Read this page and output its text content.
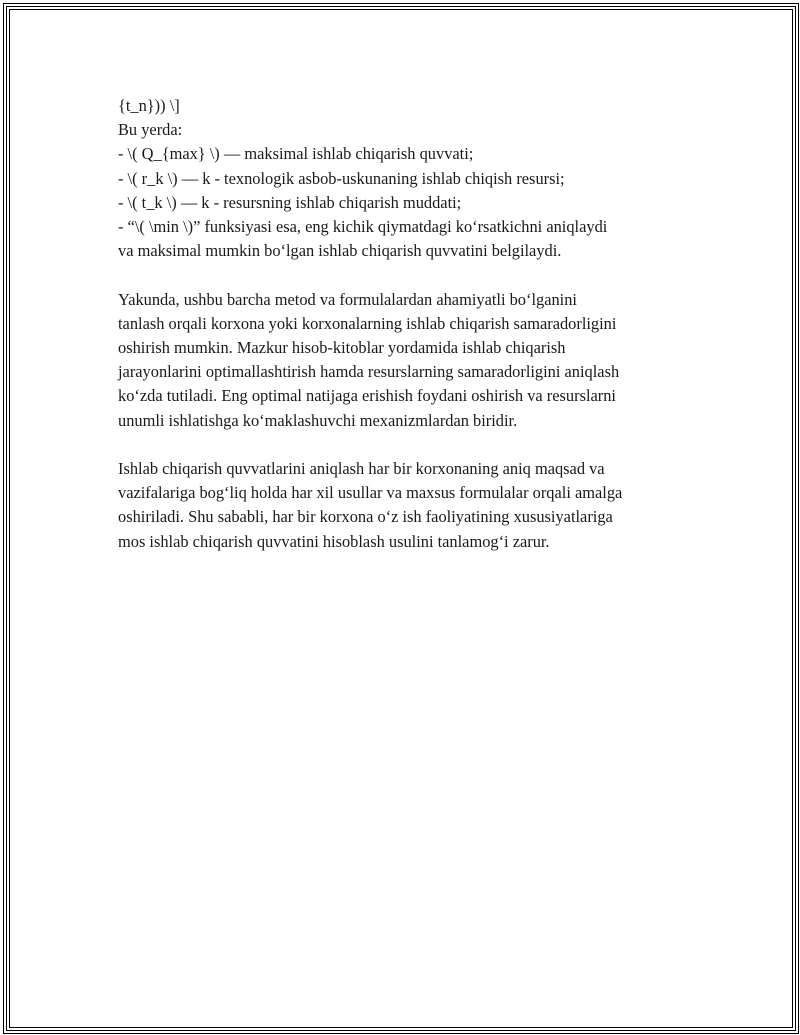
{t_n})) \]
Bu yerda:
- \( Q_{max} \) — maksimal ishlab chiqarish quvvati;
- \( r_k \) — k - texnologik asbob-uskunaning ishlab chiqish resursi;
- \( t_k \) — k - resursning ishlab chiqarish muddati;
- “\( \min \)” funksiyasi esa, eng kichik qiymatdagi ko‘rsatkichni aniqlaydi
va maksimal mumkin bo‘lgan ishlab chiqarish quvvatini belgilaydi.
Yakunda, ushbu barcha metod va formulalardan ahamiyatli bo‘lganini
tanlash orqali korxona yoki korxonalarning ishlab chiqarish samaradorligini
oshirish mumkin. Mazkur hisob-kitoblar yordamida ishlab chiqarish
jarayonlarini optimallashtirish hamda resurslarning samaradorligini aniqlash
ko‘zda tutiladi. Eng optimal natijaga erishish foydani oshirish va resurslarni
unumli ishlatishga ko‘maklashuvchi mexanizmlardan biridir.
Ishlab chiqarish quvvatlarini aniqlash har bir korxonaning aniq maqsad va
vazifalariga bog‘liq holda har xil usullar va maxsus formulalar orqali amalga
oshiriladi. Shu sababli, har bir korxona o‘z ish faoliyatining xususiyatlariga
mos ishlab chiqarish quvvatini hisoblash usulini tanlamog‘i zarur.
